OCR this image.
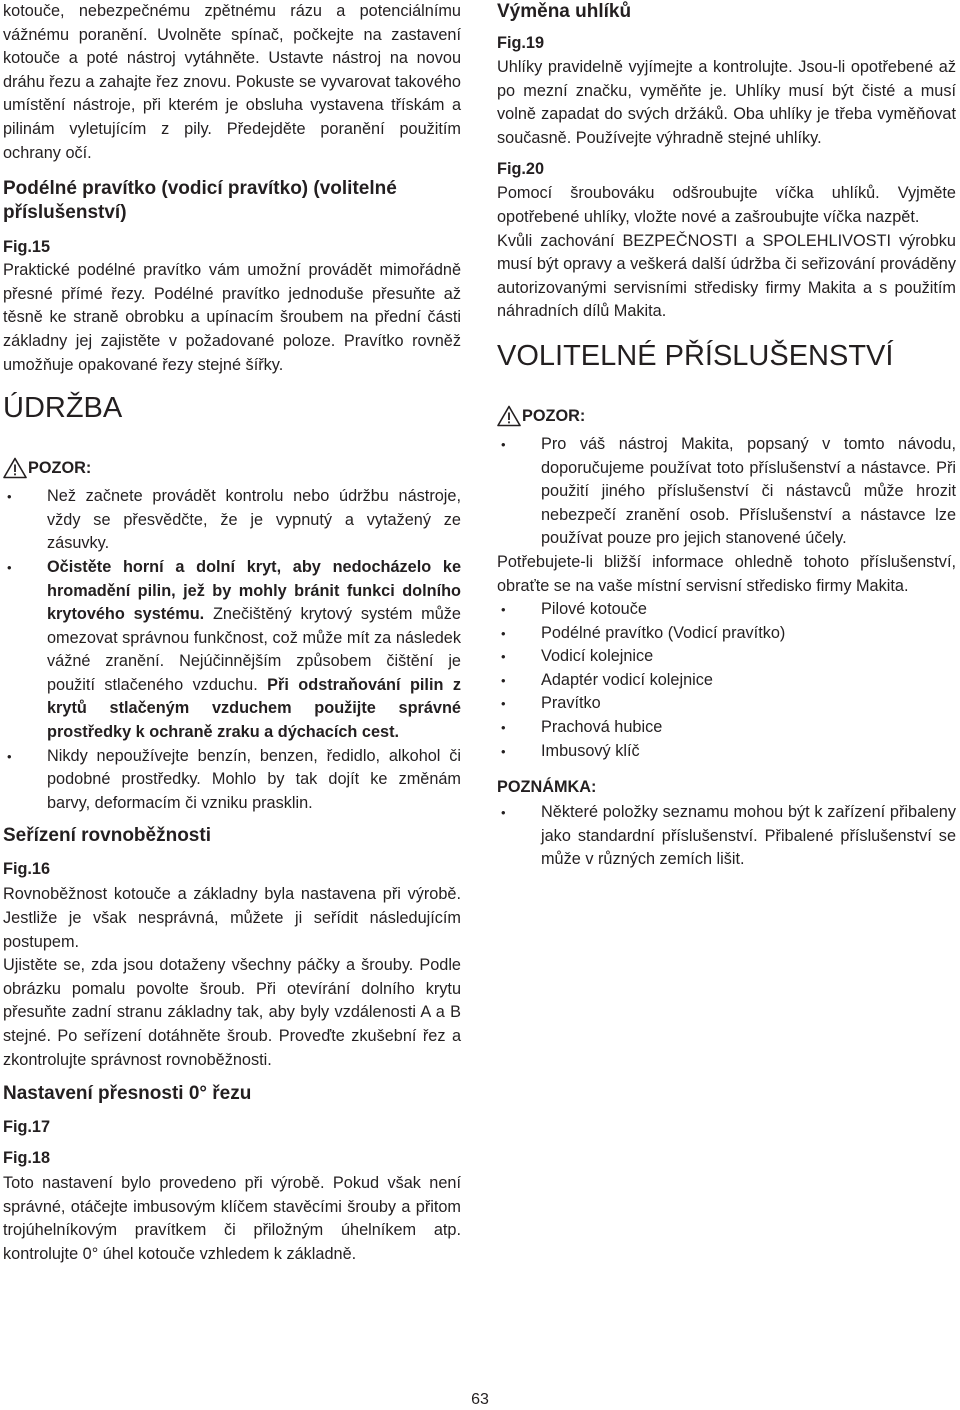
kotouče, nebezpečnému zpětnému rázu a potenciálnímu vážnému poranění. Uvolněte spínač, počkejte na zastavení kotouče a poté nástroj vytáhněte. Ustavte nástroj na novou dráhu řezu a zahajte řez znovu. Pokuste se vyvarovat takového umístění nástroje, při kterém je obsluha vystavena třískám a pilinám vyletujícím z pily. Předejděte poranění použitím ochrany očí.

Podélné pravítko (vodicí pravítko) (volitelné příslušenství)
Fig.15

Praktické podélné pravítko vám umožní provádět mimořádně přesné přímé řezy. Podélné pravítko jednoduše přesuňte až těsně ke straně obrobku a upínacím šroubem na přední části základny jej zajistěte v požadované poloze. Pravítko rovněž umožňuje opakované řezy stejné šířky.

ÚDRŽBA
POZOR:
• Než začnete provádět kontrolu nebo údržbu nástroje, vždy se přesvědčte, že je vypnutý a vytažený ze zásuvky.
• Očistěte horní a dolní kryt, aby nedocházelo ke hromadění pilin, jež by mohly bránit funkci dolního krytového systému. Znečištěný krytový systém může omezovat správnou funkčnost, což může mít za následek vážné zranění. Nejúčinnějším způsobem čištění je použití stlačeného vzduchu. Při odstraňování pilin z krytů stlačeným vzduchem použijte správné prostředky k ochraně zraku a dýchacích cest.
• Nikdy nepoužívejte benzín, benzen, ředidlo, alkohol či podobné prostředky. Mohlo by tak dojít ke změnám barvy, deformacím či vzniku prasklin.
Seřízení rovnoběžnosti
Fig.16

Rovnoběžnost kotouče a základny byla nastavena při výrobě. Jestliže je však nesprávná, můžete ji seřídit následujícím postupem.

Ujistěte se, zda jsou dotaženy všechny páčky a šrouby. Podle obrázku pomalu povolte šroub. Při otevírání dolního krytu přesuňte zadní stranu základny tak, aby byly vzdálenosti A a B stejné. Po seřízení dotáhněte šroub. Proveďte zkušební řez a zkontrolujte správnost rovnoběžnosti.

Nastavení přesnosti 0° řezu
Fig.17
Fig.18

Toto nastavení bylo provedeno při výrobě. Pokud však není správné, otáčejte imbusovým klíčem stavěcími šrouby a přitom trojúhelníkovým pravítkem či přiložným úhelníkem atp. kontrolujte 0° úhel kotouče vzhledem k základně.

Výměna uhlíků
Fig.19

Uhlíky pravidelně vyjímejte a kontrolujte. Jsou-li opotřebené až po mezní značku, vyměňte je. Uhlíky musí být čisté a musí volně zapadat do svých držáků. Oba uhlíky je třeba vyměňovat současně. Používejte výhradně stejné uhlíky.

Fig.20

Pomocí šroubováku odšroubujte víčka uhlíků. Vyjměte opotřebené uhlíky, vložte nové a zašroubujte víčka nazpět.

Kvůli zachování BEZPEČNOSTI a SPOLEHLIVOSTI výrobku musí být opravy a veškerá další údržba či seřizování prováděny autorizovanými servisními středisky firmy Makita a s použitím náhradních dílů Makita.

VOLITELNÉ PŘÍSLUŠENSTVÍ
POZOR:
• Pro váš nástroj Makita, popsaný v tomto návodu, doporučujeme používat toto příslušenství a nástavce. Při použití jiného příslušenství či nástavců může hrozit nebezpečí zranění osob. Příslušenství a nástavce lze používat pouze pro jejich stanovené účely.

Potřebujete-li bližší informace ohledně tohoto příslušenství, obraťte se na vaše místní servisní středisko firmy Makita.

• Pilové kotouče
• Podélné pravítko (Vodicí pravítko)
• Vodicí kolejnice
• Adaptér vodicí kolejnice
• Pravítko
• Prachová hubice
• Imbusový klíč
POZNÁMKA:
• Některé položky seznamu mohou být k zařízení přibaleny jako standardní příslušenství. Přibalené příslušenství se může v různých zemích lišit.
63
